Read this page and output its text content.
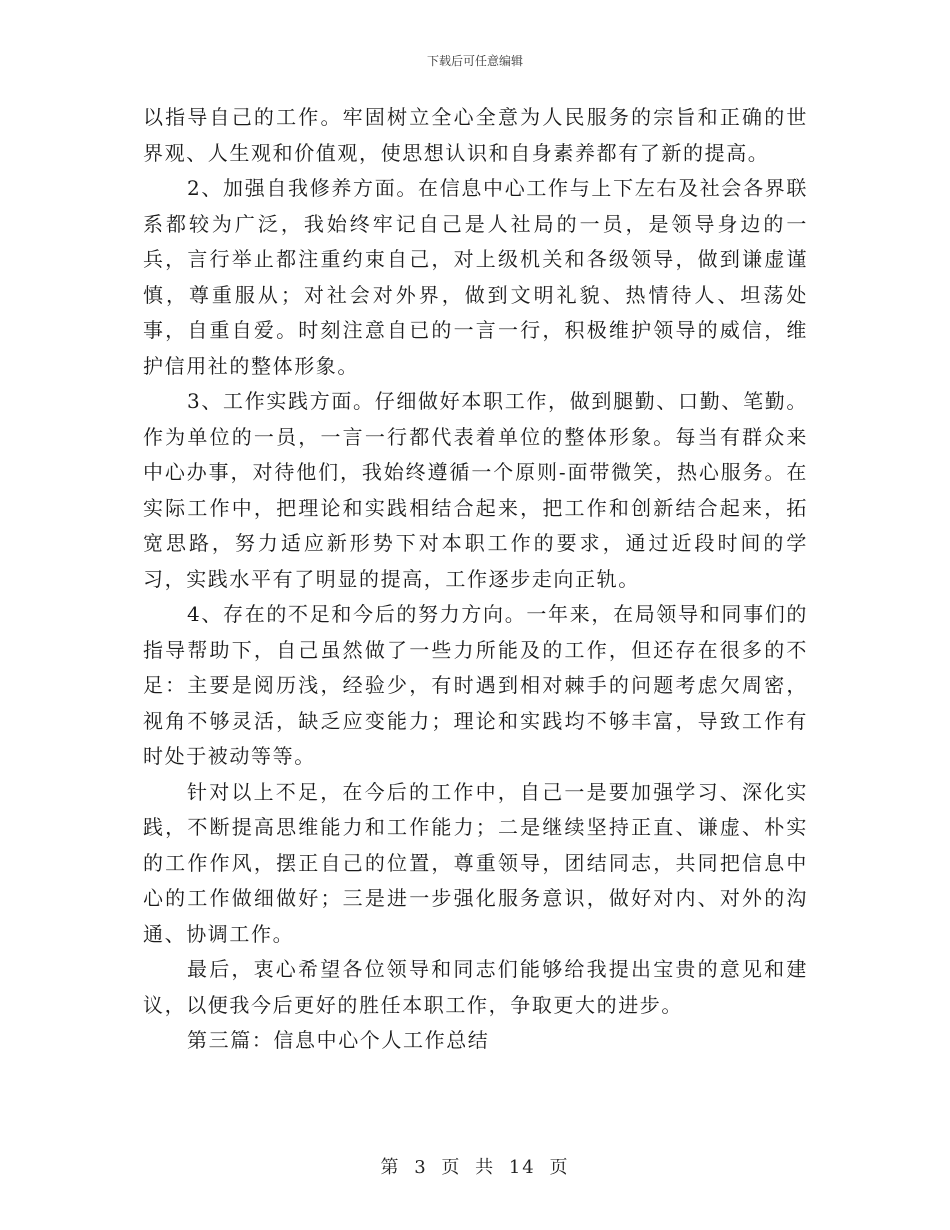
下载后可任意编辑

以指导自己的工作。牢固树立全心全意为人民服务的宗旨和正确的世界观、人生观和价值观，使思想认识和自身素养都有了新的提高。

2、加强自我修养方面。在信息中心工作与上下左右及社会各界联系都较为广泛，我始终牢记自己是人社局的一员，是领导身边的一兵，言行举止都注重约束自己，对上级机关和各级领导，做到谦虚谨慎，尊重服从；对社会对外界，做到文明礼貌、热情待人、坦荡处事，自重自爱。时刻注意自已的一言一行，积极维护领导的威信，维护信用社的整体形象。

3、工作实践方面。仔细做好本职工作，做到腿勤、口勤、笔勤。作为单位的一员，一言一行都代表着单位的整体形象。每当有群众来中心办事，对待他们，我始终遵循一个原则-面带微笑，热心服务。在实际工作中，把理论和实践相结合起来，把工作和创新结合起来，拓宽思路，努力适应新形势下对本职工作的要求，通过近段时间的学习，实践水平有了明显的提高，工作逐步走向正轨。

4、存在的不足和今后的努力方向。一年来，在局领导和同事们的指导帮助下，自己虽然做了一些力所能及的工作，但还存在很多的不足：主要是阅历浅，经验少，有时遇到相对棘手的问题考虑欠周密，视角不够灵活，缺乏应变能力；理论和实践均不够丰富，导致工作有时处于被动等等。

针对以上不足，在今后的工作中，自己一是要加强学习、深化实践，不断提高思维能力和工作能力；二是继续坚持正直、谦虚、朴实的工作作风，摆正自己的位置，尊重领导，团结同志，共同把信息中心的工作做细做好；三是进一步强化服务意识，做好对内、对外的沟通、协调工作。

最后，衷心希望各位领导和同志们能够给我提出宝贵的意见和建议，以便我今后更好的胜任本职工作，争取更大的进步。

第三篇：信息中心个人工作总结

第 3 页 共 14 页
